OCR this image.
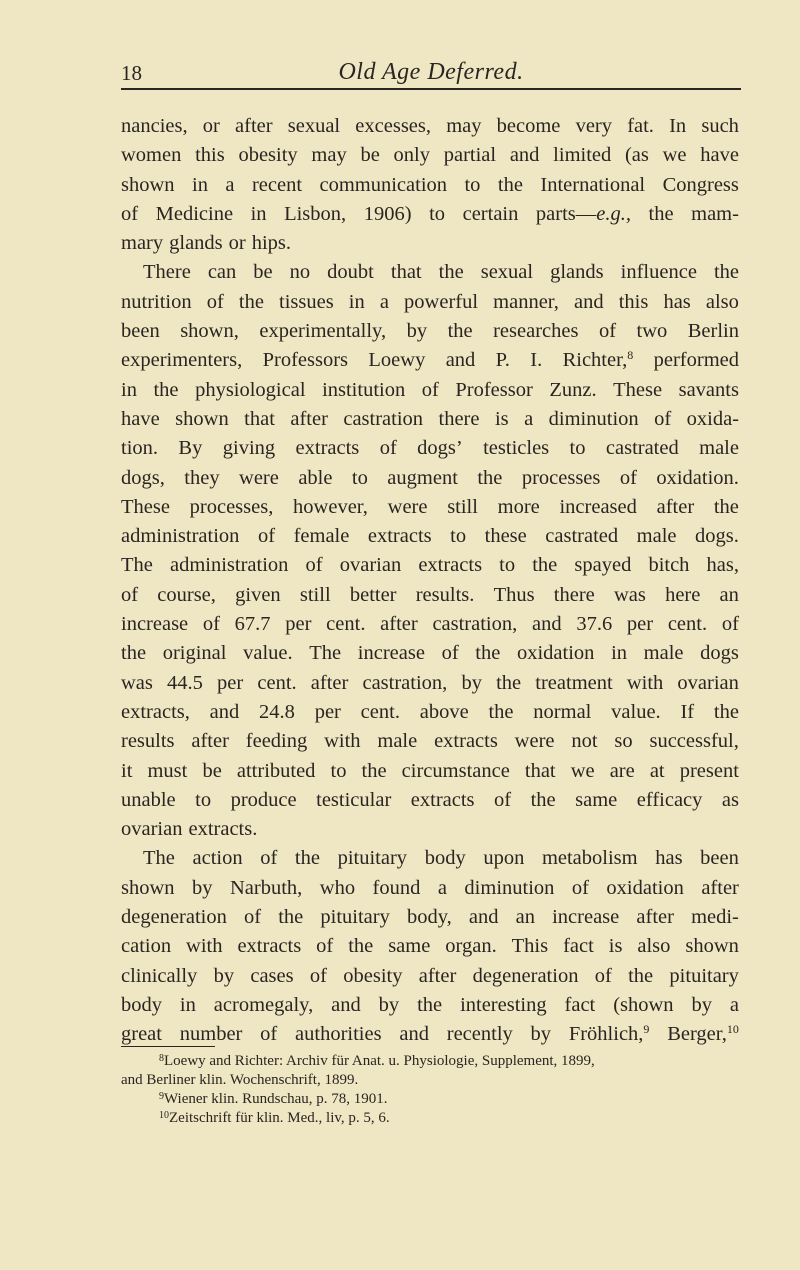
18	Old Age Deferred.
nancies, or after sexual excesses, may become very fat. In such
women this obesity may be only partial and limited (as we have
shown in a recent communication to the International Congress
of Medicine in Lisbon, 1906) to certain parts—e.g., the mam-
mary glands or hips.
There can be no doubt that the sexual glands influence the
nutrition of the tissues in a powerful manner, and this has also
been shown, experimentally, by the researches of two Berlin
experimenters, Professors Loewy and P. I. Richter,$^8$ performed
in the physiological institution of Professor Zunz. These savants
have shown that after castration there is a diminution of oxida-
tion. By giving extracts of dogs’ testicles to castrated male
dogs, they were able to augment the processes of oxidation.
These processes, however, were still more increased after the
administration of female extracts to these castrated male dogs.
The administration of ovarian extracts to the spayed bitch has,
of course, given still better results. Thus there was here an
increase of 67.7 per cent. after castration, and 37.6 per cent. of
the original value. The increase of the oxidation in male dogs
was 44.5 per cent. after castration, by the treatment with ovarian
extracts, and 24.8 per cent. above the normal value. If the
results after feeding with male extracts were not so successful,
it must be attributed to the circumstance that we are at present
unable to produce testicular extracts of the same efficacy as
ovarian extracts.
The action of the pituitary body upon metabolism has been
shown by Narbuth, who found a diminution of oxidation after
degeneration of the pituitary body, and an increase after medi-
cation with extracts of the same organ. This fact is also shown
clinically by cases of obesity after degeneration of the pituitary
body in acromegaly, and by the interesting fact (shown by a
great number of authorities and recently by Fröhlich,$^9$ Berger,$^{10}$
$^8$Loewy and Richter: Archiv für Anat. u. Physiologie, Supplement, 1899,
and Berliner klin. Wochenschrift, 1899.
$^9$Wiener klin. Rundschau, p. 78, 1901.
$^{10}$Zeitschrift für klin. Med., liv, p. 5, 6.
